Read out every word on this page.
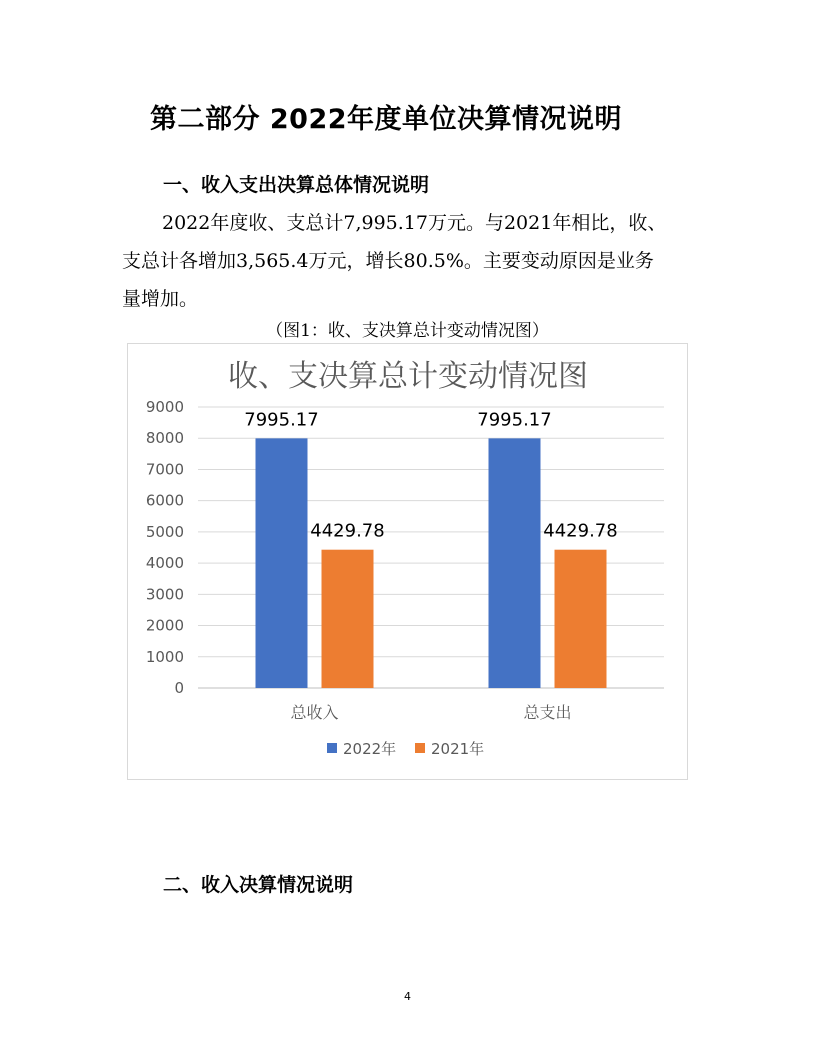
第二部分 2022年度单位决算情况说明
一、收入支出决算总体情况说明
2022年度收、支总计7,995.17万元。与2021年相比，收、
支总计各增加3,565.4万元，增长80.5%。主要变动原因是业务
量增加。
（图1：收、支决算总计变动情况图）
收、支决算总计变动情况图
0
1000
2000
3000
4000
5000
6000
7000
8000
9000
7995.17
4429.78
7995.17
4429.78
总收入	总支出
2022年 2021年
二、收入决算情况说明
4
